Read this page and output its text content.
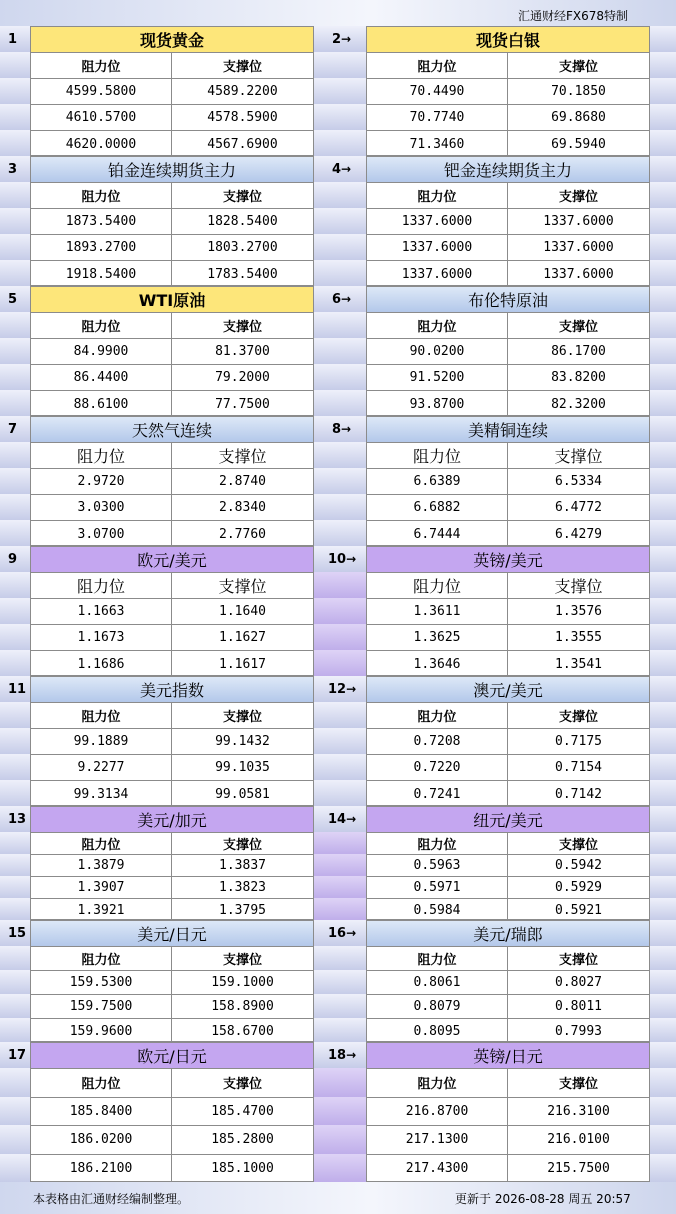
汇通财经FX678特制
1	现货黄金
阻力位	支撑位
4599.5800	4589.2200
4610.5700	4578.5900
4620.0000	4567.6900
2→	现货白银
阻力位	支撑位
70.4490	70.1850
70.7740	69.8680
71.3460	69.5940
3	铂金连续期货主力
阻力位	支撑位
1873.5400	1828.5400
1893.2700	1803.2700
1918.5400	1783.5400
4→	钯金连续期货主力
阻力位	支撑位
1337.6000	1337.6000
1337.6000	1337.6000
1337.6000	1337.6000
5	WTI原油
阻力位	支撑位
84.9900	81.3700
86.4400	79.2000
88.6100	77.7500
6→	布伦特原油
阻力位	支撑位
90.0200	86.1700
91.5200	83.8200
93.8700	82.3200
7	天然气连续
阻力位	支撑位
2.9720	2.8740
3.0300	2.8340
3.0700	2.7760
8→	美精铜连续
阻力位	支撑位
6.6389	6.5334
6.6882	6.4772
6.7444	6.4279
9	欧元/美元
阻力位	支撑位
1.1663	1.1640
1.1673	1.1627
1.1686	1.1617
10→	英镑/美元
阻力位	支撑位
1.3611	1.3576
1.3625	1.3555
1.3646	1.3541
11	美元指数
阻力位	支撑位
99.1889	99.1432
9.2277	99.1035
99.3134	99.0581
12→	澳元/美元
阻力位	支撑位
0.7208	0.7175
0.7220	0.7154
0.7241	0.7142
13	美元/加元
阻力位	支撑位
1.3879	1.3837
1.3907	1.3823
1.3921	1.3795
14→	纽元/美元
阻力位	支撑位
0.5963	0.5942
0.5971	0.5929
0.5984	0.5921
15	美元/日元
阻力位	支撑位
159.5300	159.1000
159.7500	158.8900
159.9600	158.6700
16→	美元/瑞郎
阻力位	支撑位
0.8061	0.8027
0.8079	0.8011
0.8095	0.7993
17	欧元/日元
阻力位	支撑位
185.8400	185.4700
186.0200	185.2800
186.2100	185.1000
18→	英镑/日元
阻力位	支撑位
216.8700	216.3100
217.1300	216.0100
217.4300	215.7500
本表格由汇通财经编制整理。	更新于 2026-08-28 周五 20:57
